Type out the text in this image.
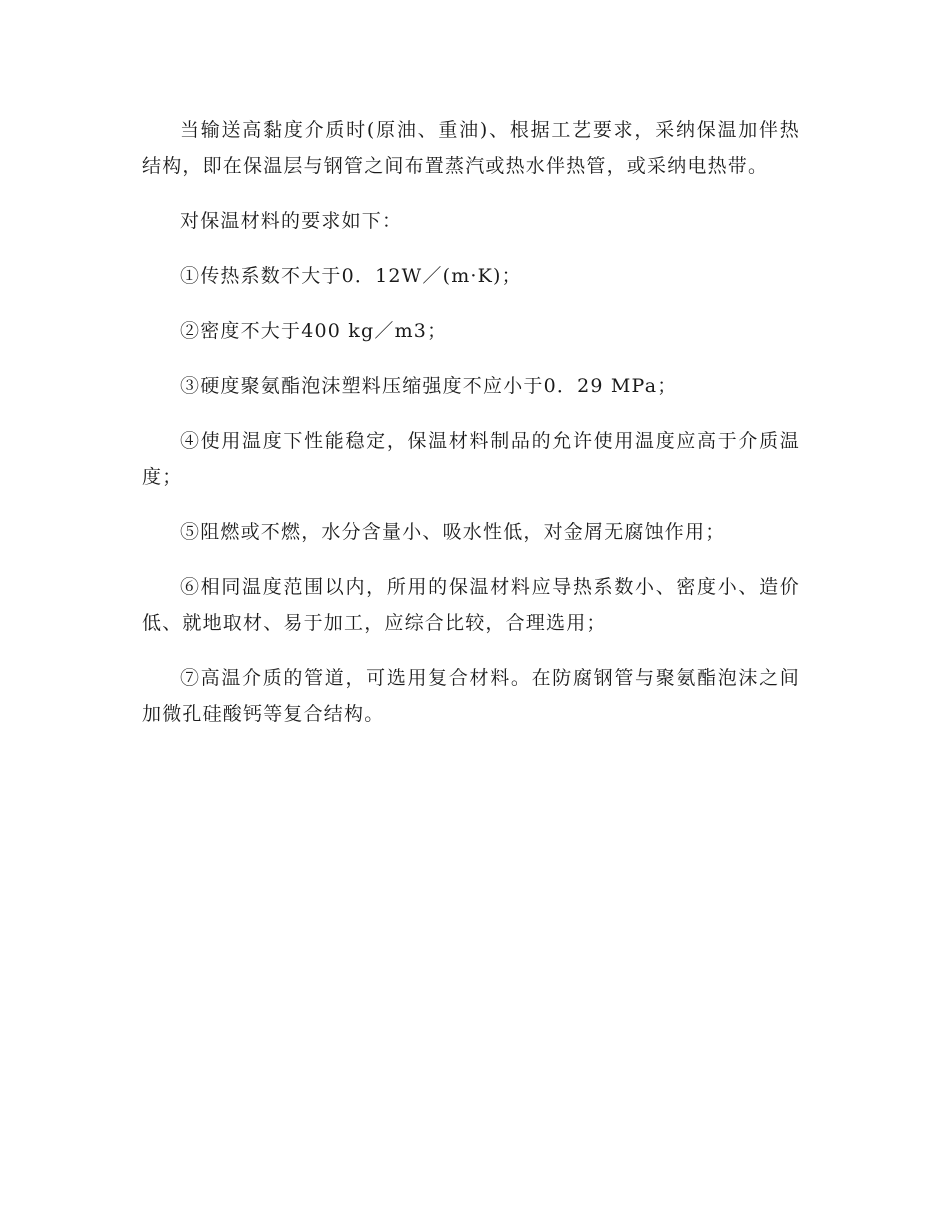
当输送高黏度介质时(原油、重油)、根据工艺要求，采纳保温加伴热结构，即在保温层与钢管之间布置蒸汽或热水伴热管，或采纳电热带。

对保温材料的要求如下：

①传热系数不大于0．12W／(m·K)；

②密度不大于400 kg／m3；

③硬度聚氨酯泡沫塑料压缩强度不应小于0．29 MPa；

④使用温度下性能稳定，保温材料制品的允许使用温度应高于介质温度；

⑤阻燃或不燃，水分含量小、吸水性低，对金屑无腐蚀作用；

⑥相同温度范围以内，所用的保温材料应导热系数小、密度小、造价低、就地取材、易于加工，应综合比较，合理选用；

⑦高温介质的管道，可选用复合材料。在防腐钢管与聚氨酯泡沫之间加微孔硅酸钙等复合结构。
